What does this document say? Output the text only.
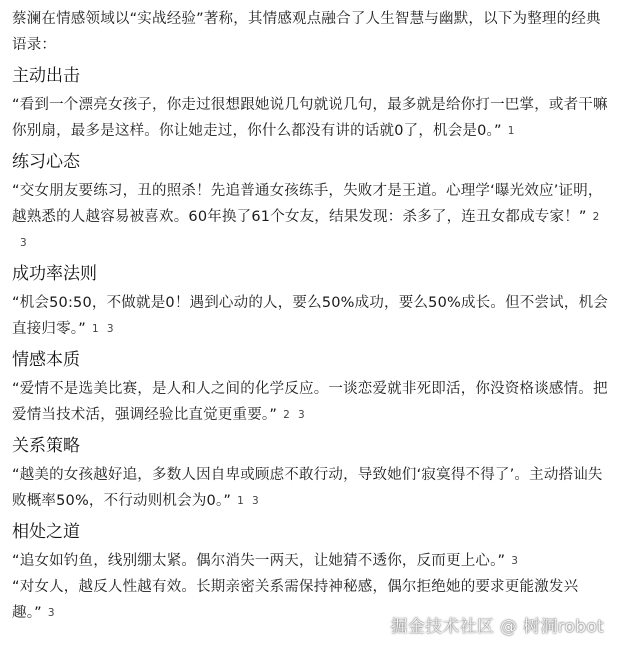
蔡澜在情感领域以“实战经验”著称，其情感观点融合了人生智慧与幽默，以下为整理的经典语录：

主动出击

“看到一个漂亮女孩子，你走过很想跟她说几句就说几句，最多就是给你打一巴掌，或者干嘛你别扇，最多是这样。你让她走过，你什么都没有讲的话就0了，机会是0。” 1

练习心态

“交女朋友要练习，丑的照杀！先追普通女孩练手，失败才是王道。心理学‘曝光效应’证明，越熟悉的人越容易被喜欢。60年换了61个女友，结果发现：杀多了，连丑女都成专家！” 23

成功率法则

“机会50:50，不做就是0！遇到心动的人，要么50%成功，要么50%成长。但不尝试，机会直接归零。” 1 3

情感本质

“爱情不是选美比赛，是人和人之间的化学反应。一谈恋爱就非死即活，你没资格谈感情。把爱情当技术活，强调经验比直觉更重要。” 2 3

关系策略

“越美的女孩越好追，多数人因自卑或顾虑不敢行动，导致她们‘寂寞得不得了’。主动搭讪失败概率50%，不行动则机会为0。” 1 3

相处之道

“追女如钓鱼，线别绷太紧。偶尔消失一两天，让她猜不透你，反而更上心。” 3

“对女人，越反人性越有效。长期亲密关系需保持神秘感，偶尔拒绝她的要求更能激发兴趣。” 3

掘金技术社区 @ 树洞robot
